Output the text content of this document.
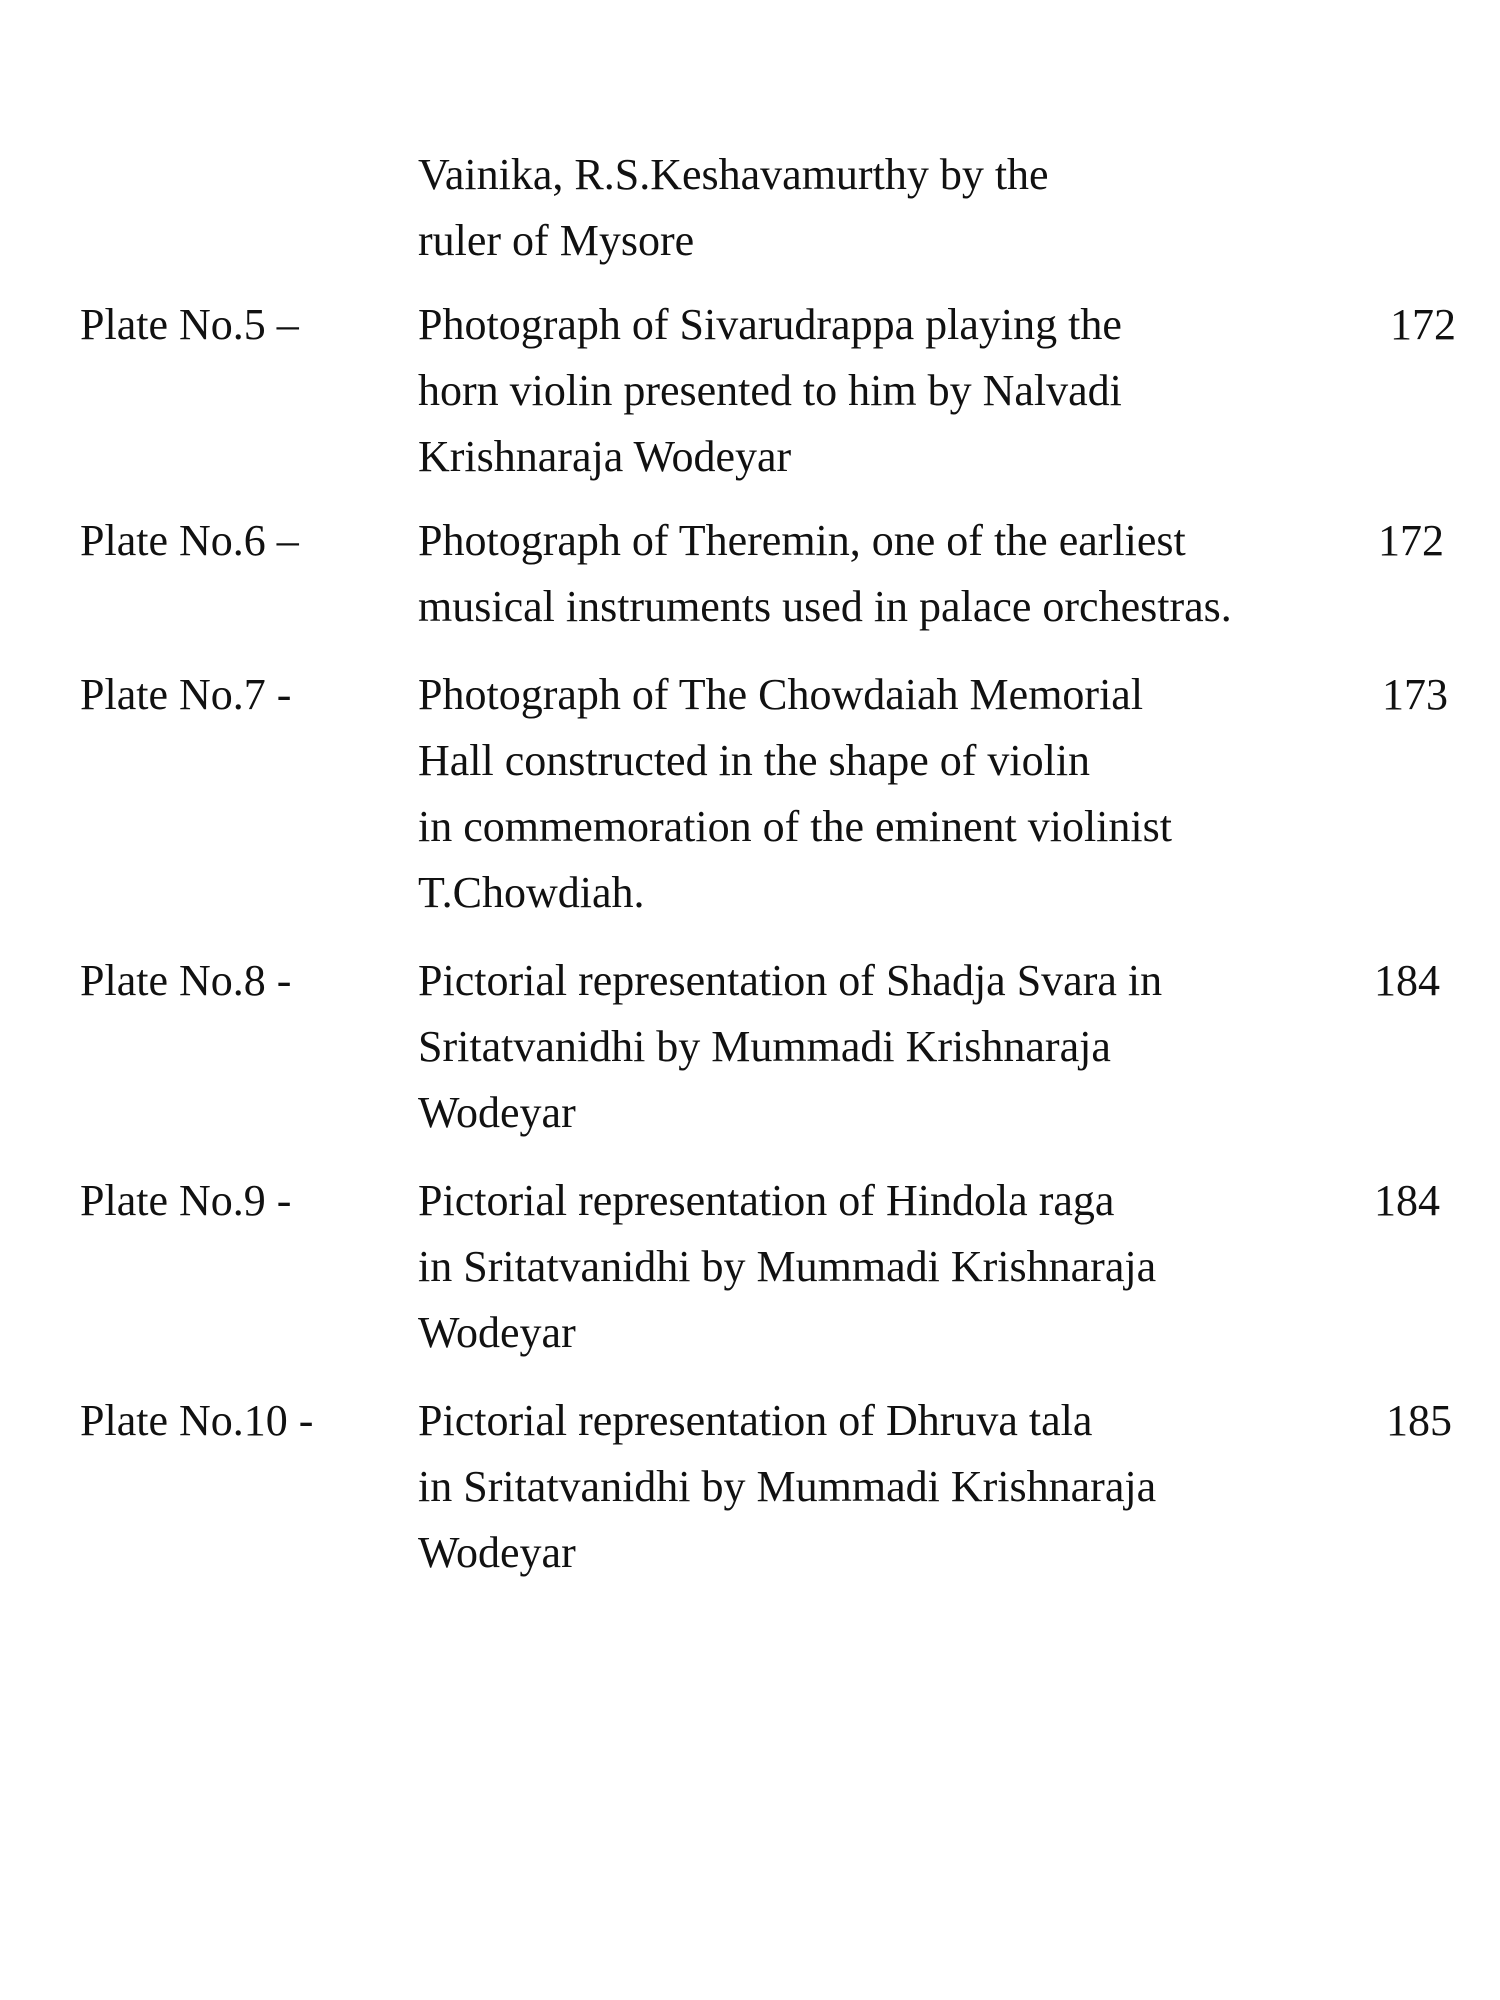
Vainika, R.S.Keshavamurthy by the
ruler of Mysore
Plate No.5 –	Photograph of Sivarudrappa playing the
horn violin presented to him by Nalvadi
Krishnaraja Wodeyar
172
Plate No.6 –	Photograph of Theremin, one of the earliest
musical instruments used in palace orchestras.
172
Plate No.7 -	Photograph of The Chowdaiah Memorial
Hall constructed in the shape of violin
in commemoration of the eminent violinist
T.Chowdiah.
173
Plate No.8 -	Pictorial representation of Shadja Svara in
Sritatvanidhi by Mummadi Krishnaraja
Wodeyar
184
Plate No.9 -	Pictorial representation of Hindola raga
in Sritatvanidhi by Mummadi Krishnaraja
Wodeyar
184
Plate No.10 - Pictorial representation of Dhruva tala
in Sritatvanidhi by Mummadi Krishnaraja
Wodeyar
185
